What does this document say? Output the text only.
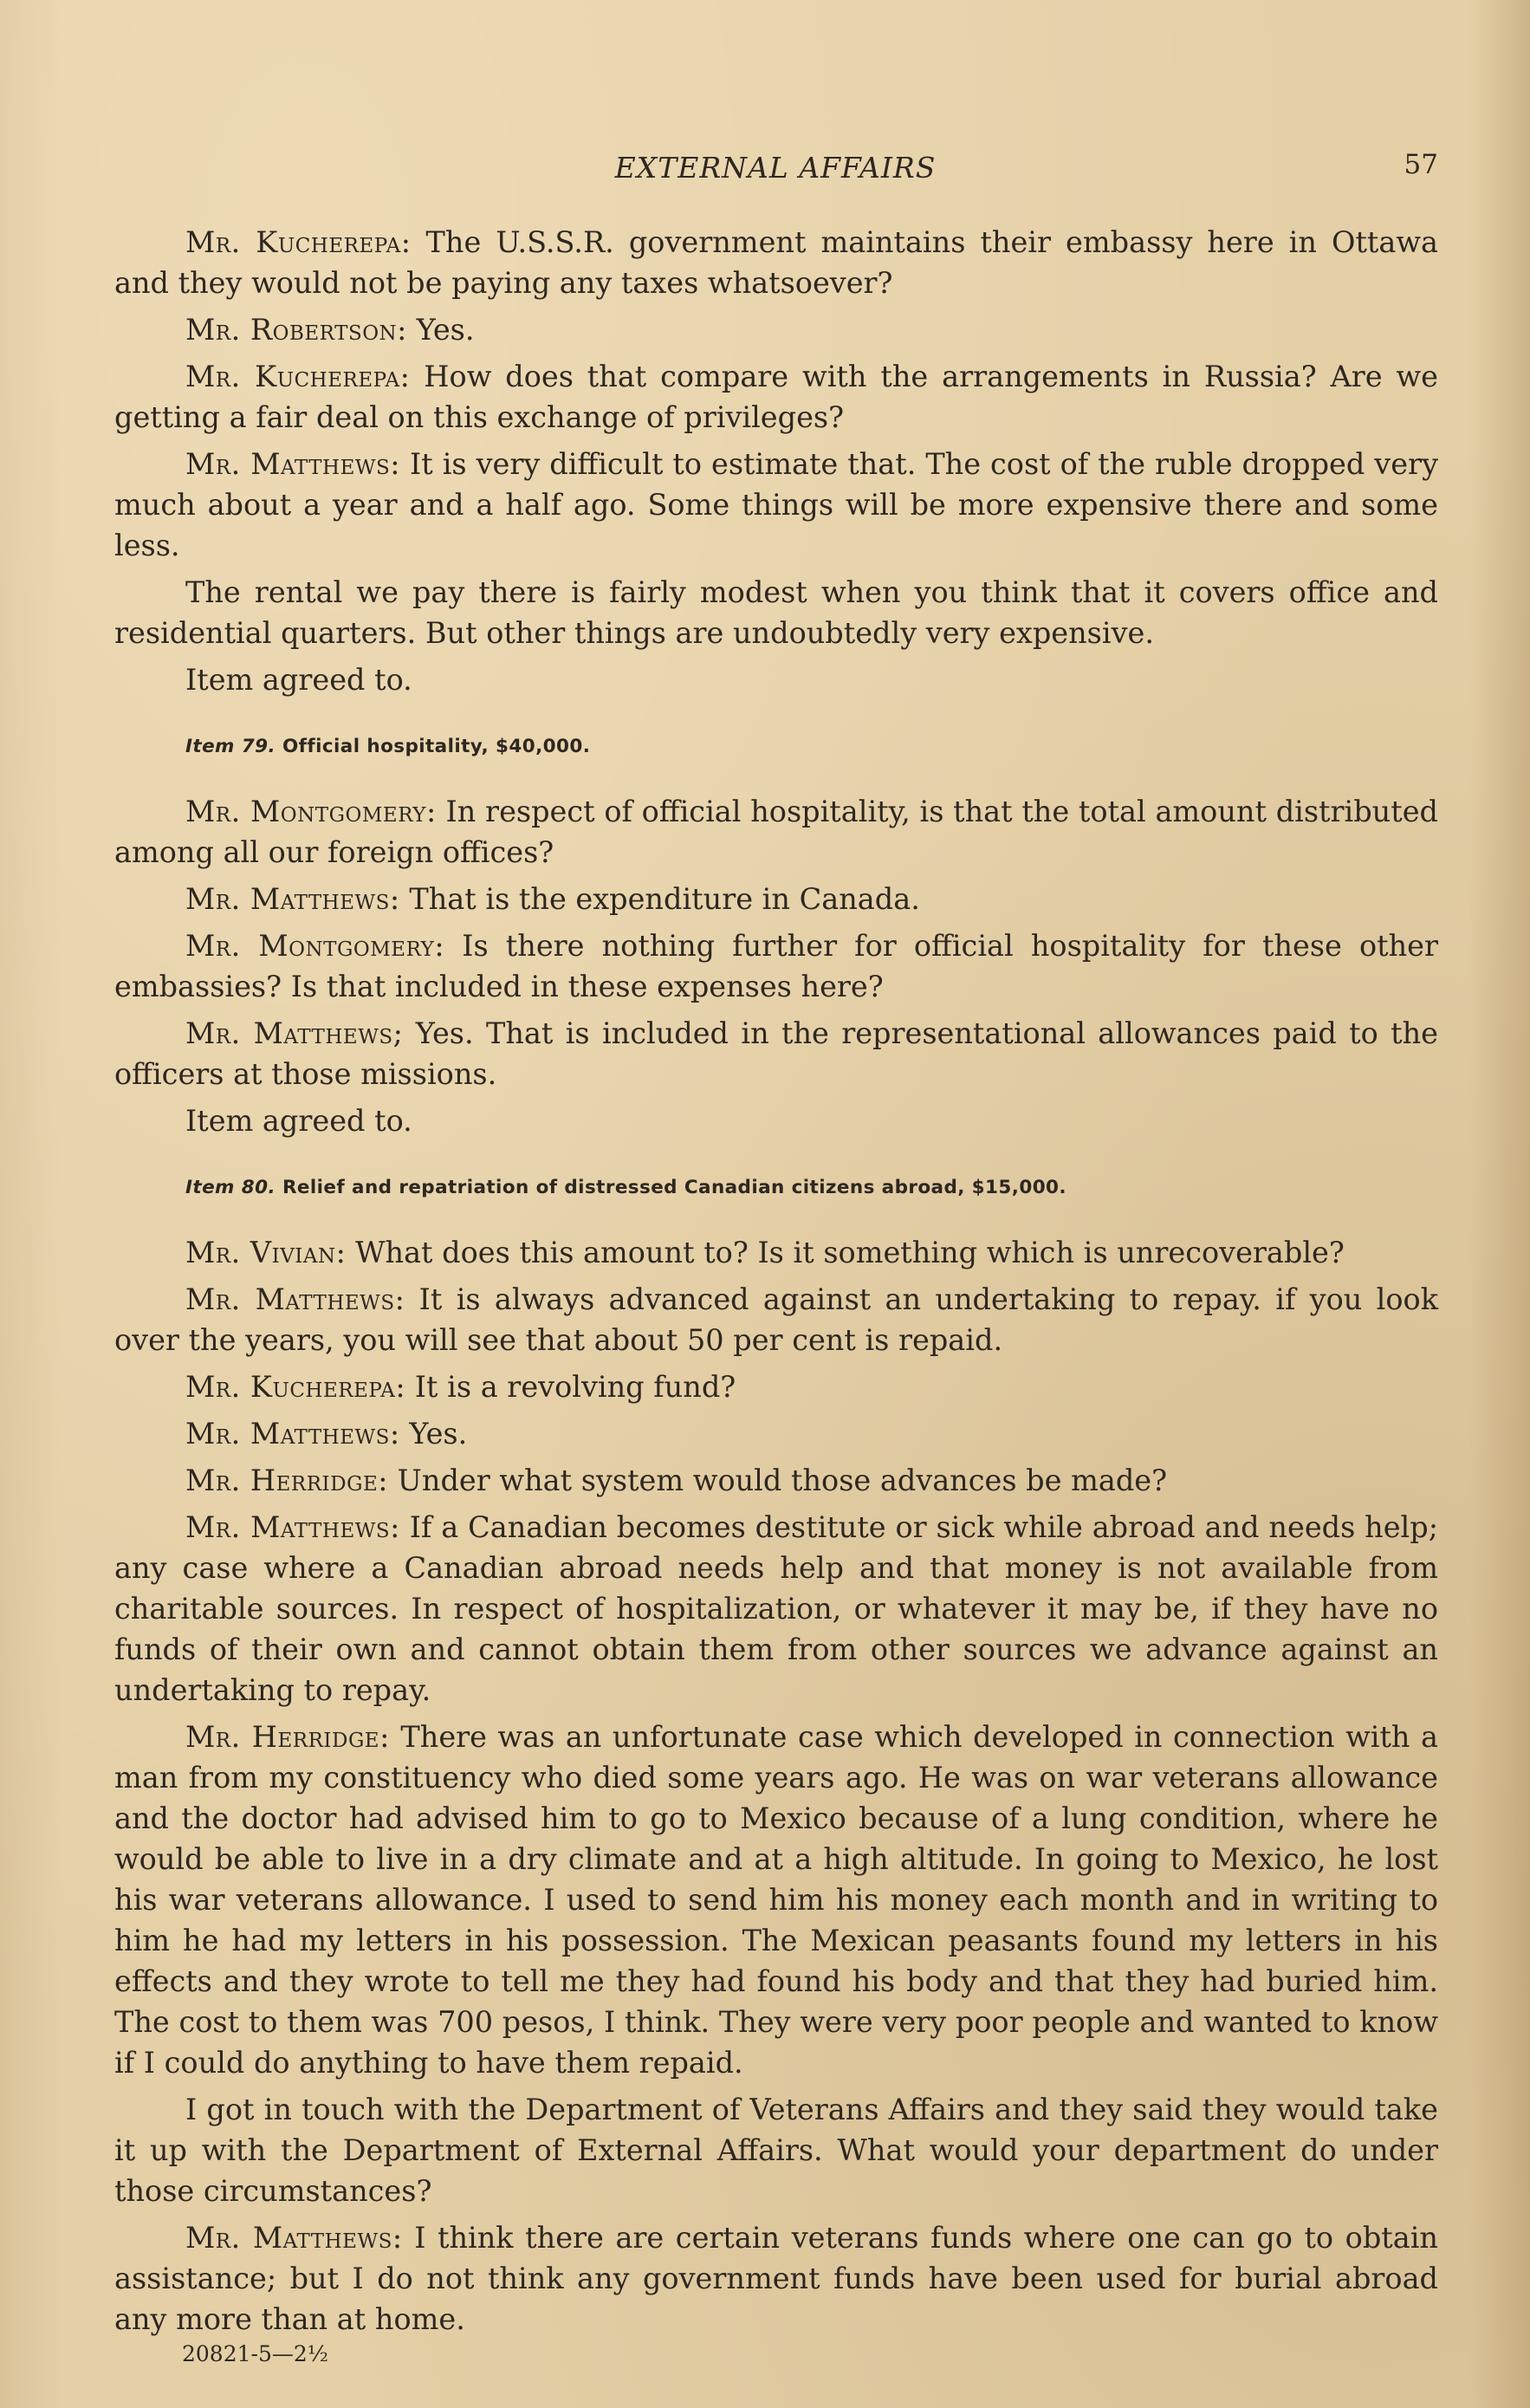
EXTERNAL AFFAIRS	57

Mr. Kucherepa: The U.S.S.R. government maintains their embassy here in Ottawa and they would not be paying any taxes whatsoever?

Mr. Robertson: Yes.

Mr. Kucherepa: How does that compare with the arrangements in Russia? Are we getting a fair deal on this exchange of privileges?

Mr. Matthews: It is very difficult to estimate that. The cost of the ruble dropped very much about a year and a half ago. Some things will be more expensive there and some less.

The rental we pay there is fairly modest when you think that it covers office and residential quarters. But other things are undoubtedly very expensive.

Item agreed to.

Item 79. Official hospitality, $40,000.

Mr. Montgomery: In respect of official hospitality, is that the total amount distributed among all our foreign offices?

Mr. Matthews: That is the expenditure in Canada.

Mr. Montgomery: Is there nothing further for official hospitality for these other embassies? Is that included in these expenses here?

Mr. Matthews; Yes. That is included in the representational allowances paid to the officers at those missions.

Item agreed to.

Item 80. Relief and repatriation of distressed Canadian citizens abroad, $15,000.

Mr. Vivian: What does this amount to? Is it something which is unrecoverable?

Mr. Matthews: It is always advanced against an undertaking to repay. if you look over the years, you will see that about 50 per cent is repaid.

Mr. Kucherepa: It is a revolving fund?

Mr. Matthews: Yes.

Mr. Herridge: Under what system would those advances be made?

Mr. Matthews: If a Canadian becomes destitute or sick while abroad and needs help; any case where a Canadian abroad needs help and that money is not available from charitable sources. In respect of hospitalization, or whatever it may be, if they have no funds of their own and cannot obtain them from other sources we advance against an undertaking to repay.

Mr. Herridge: There was an unfortunate case which developed in connection with a man from my constituency who died some years ago. He was on war veterans allowance and the doctor had advised him to go to Mexico because of a lung condition, where he would be able to live in a dry climate and at a high altitude. In going to Mexico, he lost his war veterans allowance. I used to send him his money each month and in writing to him he had my letters in his possession. The Mexican peasants found my letters in his effects and they wrote to tell me they had found his body and that they had buried him. The cost to them was 700 pesos, I think. They were very poor people and wanted to know if I could do anything to have them repaid.

I got in touch with the Department of Veterans Affairs and they said they would take it up with the Department of External Affairs. What would your department do under those circumstances?

Mr. Matthews: I think there are certain veterans funds where one can go to obtain assistance; but I do not think any government funds have been used for burial abroad any more than at home.

20821-5—2½
